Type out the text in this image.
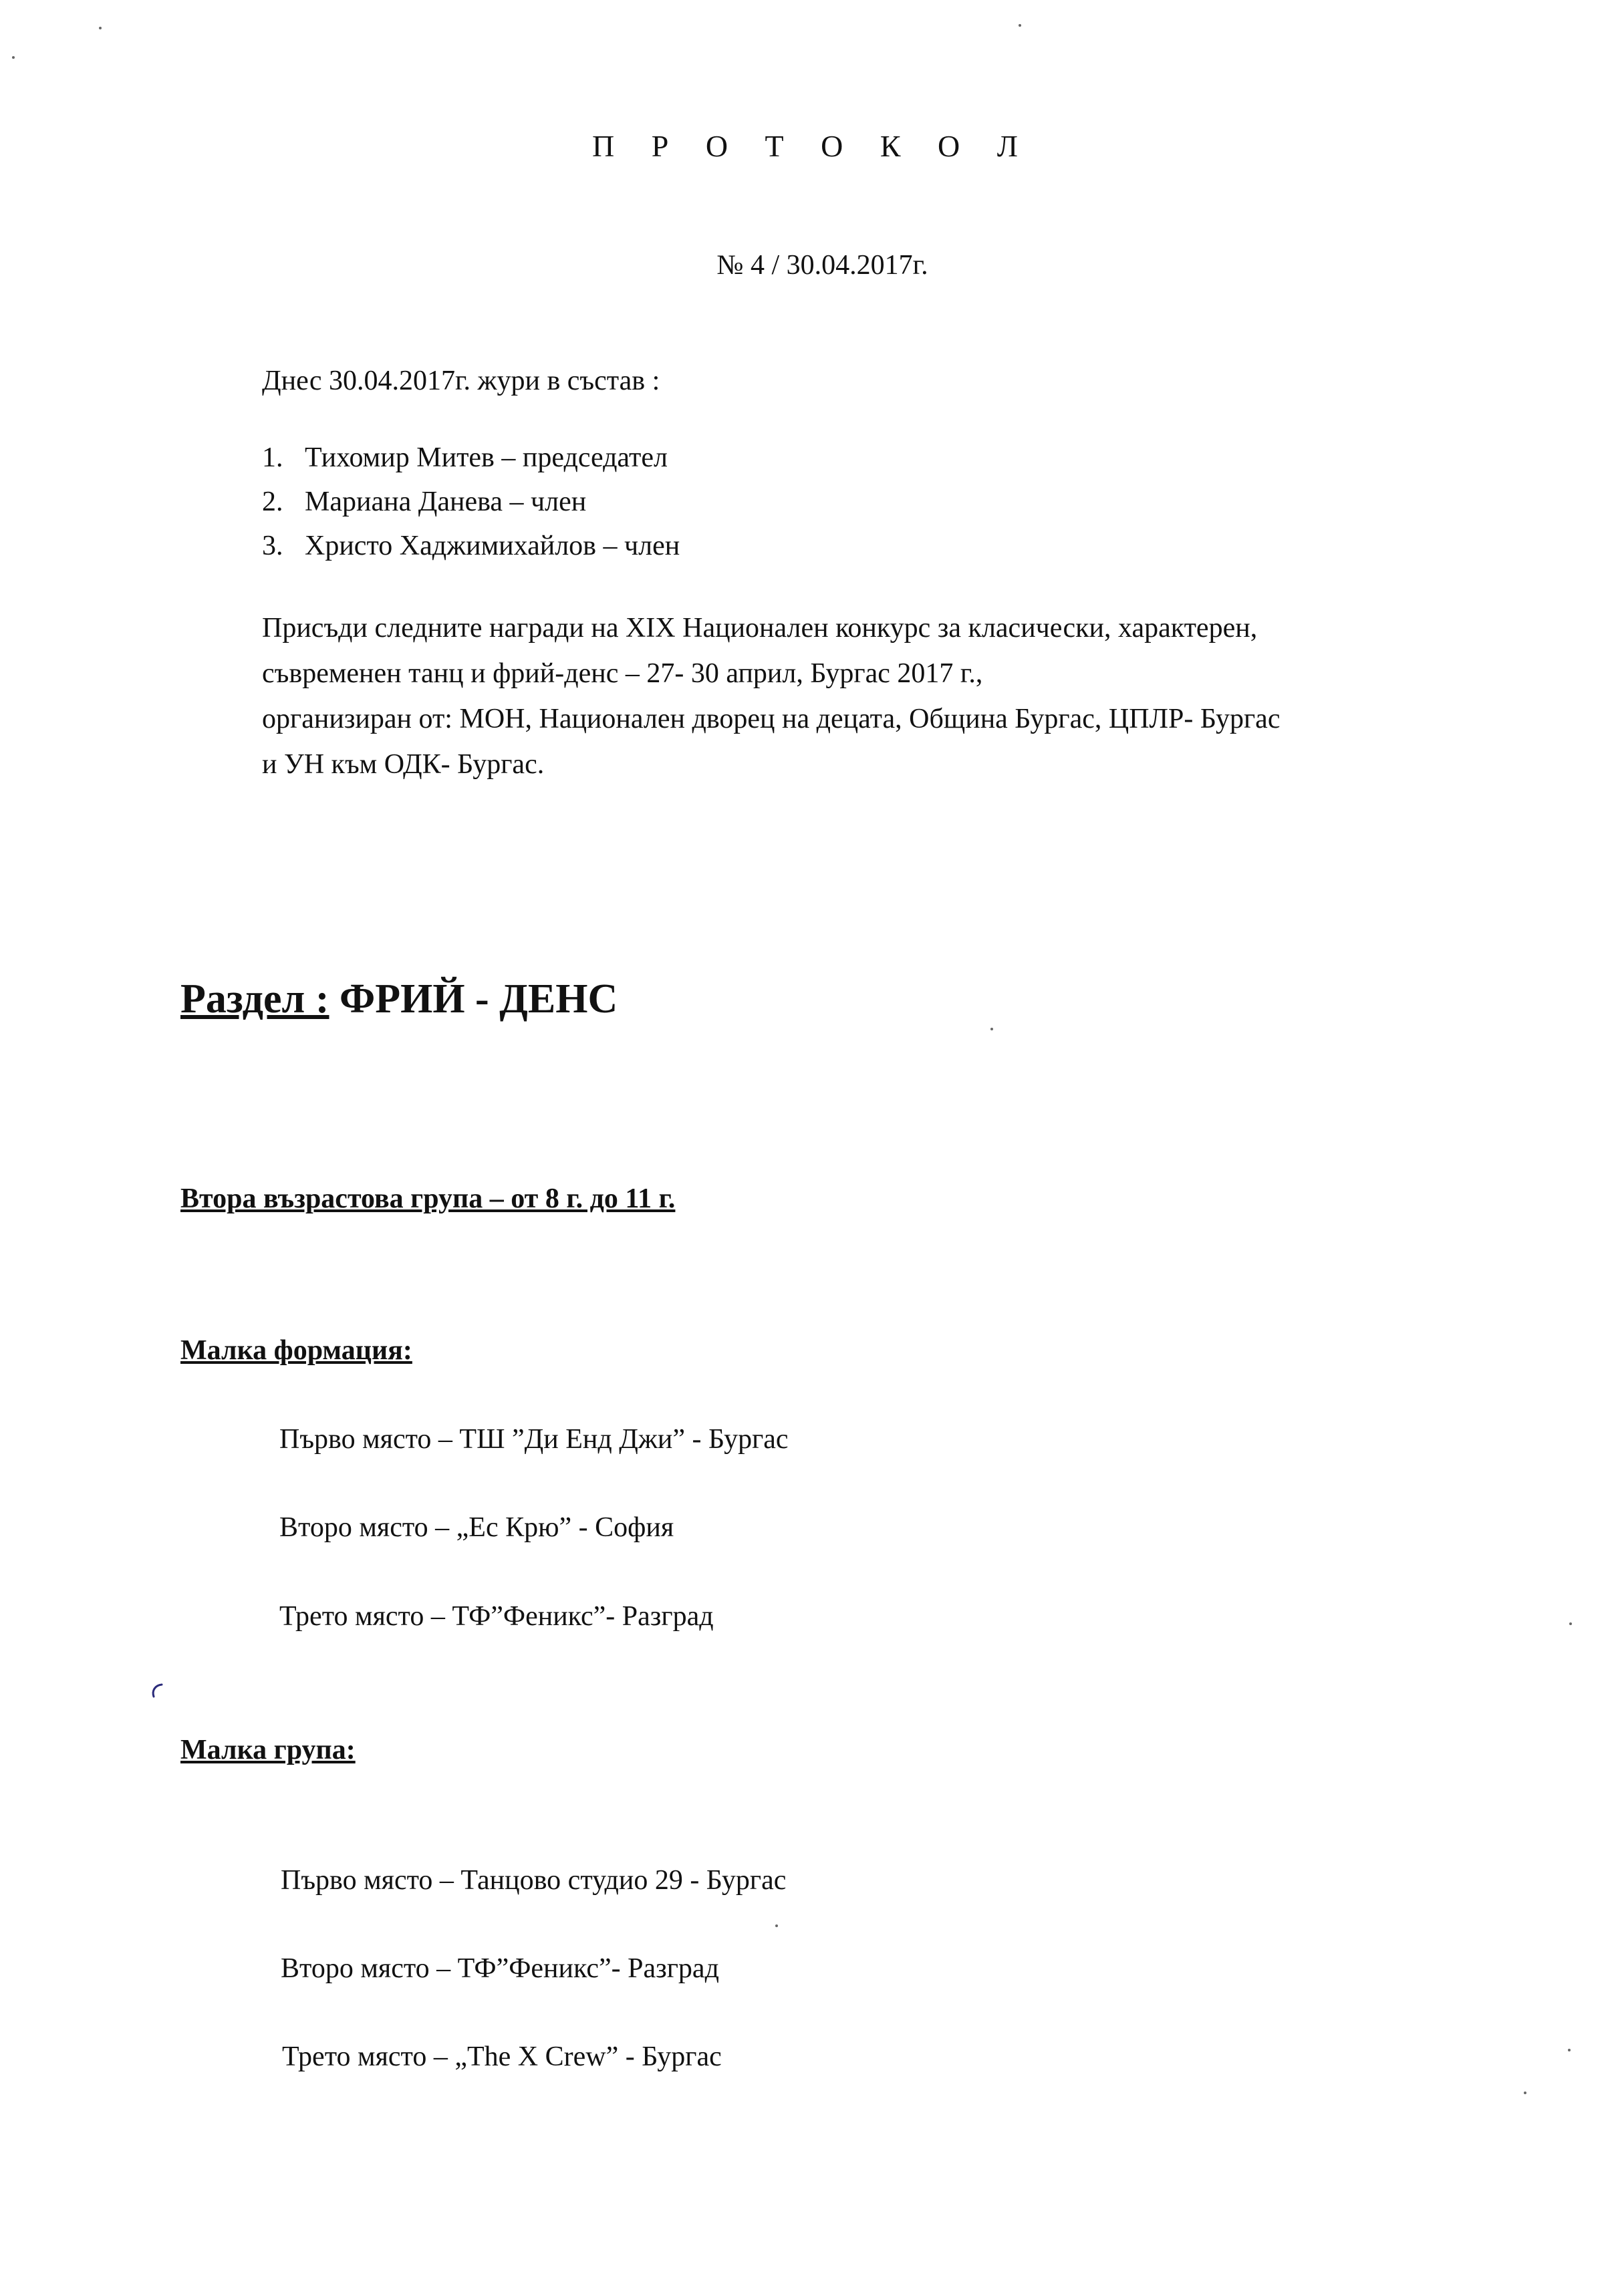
П Р О Т О К О Л
№ 4 / 30.04.2017г.
Днес 30.04.2017г. жури в състав :
1. Тихомир Митев – председател
2. Мариана Данева – член
3. Христо Хаджимихайлов – член
Присъди следните награди на XIX Национален конкурс за класически, характерен,
съвременен танц и фрий-денс – 27- 30 април, Бургас 2017 г.,
организиран от: МОН, Национален дворец на децата, Община Бургас, ЦПЛР- Бургас
и УН към ОДК- Бургас.
Раздел : ФРИЙ - ДЕНС
Втора възрастова група – от 8 г. до 11 г.
Малка формация:
Първо място – ТШ ”Ди Енд Джи” - Бургас
Второ място – „Ес Крю” - София
Трето място – ТФ”Феникс”- Разград
Малка група:
Първо място – Танцово студио 29 - Бургас
Второ място – ТФ”Феникс”- Разград
Трето място – „The X Crew” - Бургас
